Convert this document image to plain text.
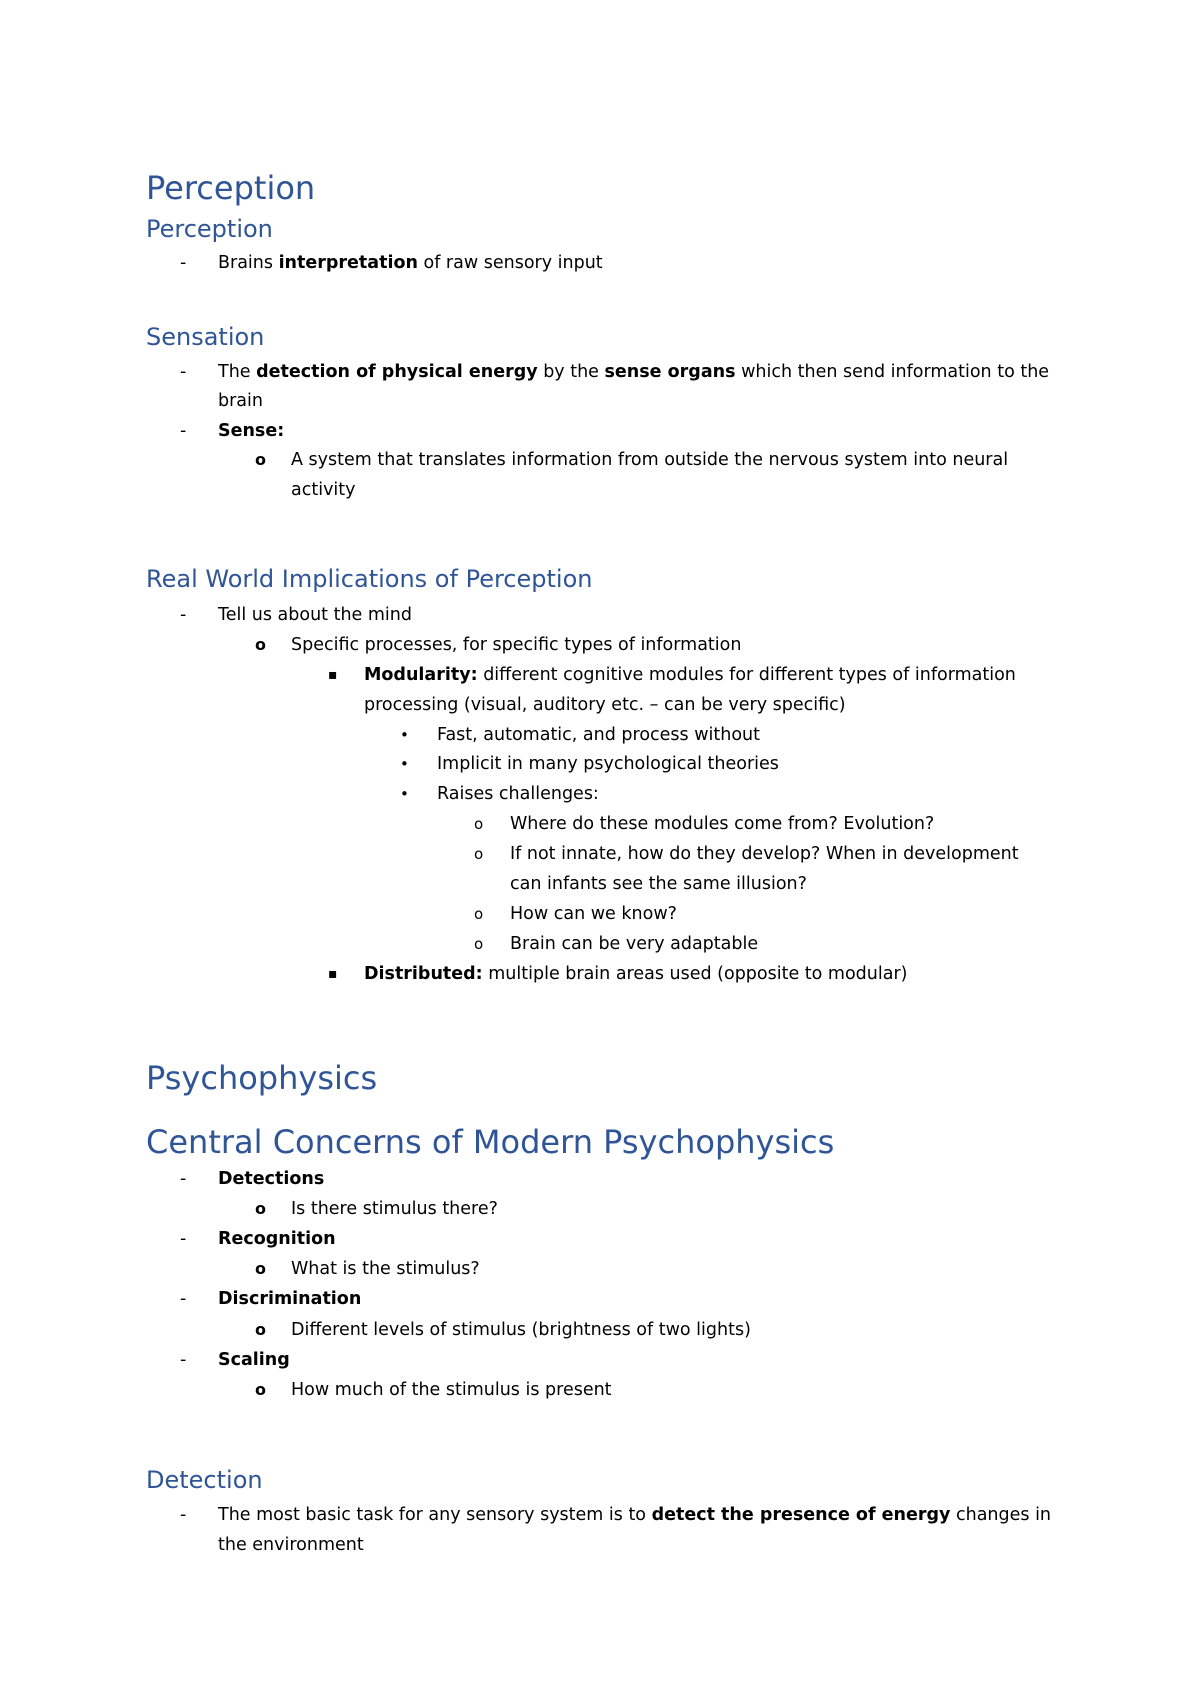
Perception
Perception
- Brains interpretation of raw sensory input
Sensation
- The detection of physical energy by the sense organs which then send information to the
brain
- Sense:
o A system that translates information from outside the nervous system into neural
activity
Real World Implications of Perception
- Tell us about the mind
o Specific processes, for specific types of information
▪ Modularity: different cognitive modules for different types of information
processing (visual, auditory etc. – can be very specific)
• Fast, automatic, and process without
• Implicit in many psychological theories
• Raises challenges:
o Where do these modules come from? Evolution?
o If not innate, how do they develop? When in development
can infants see the same illusion?
o How can we know?
o Brain can be very adaptable
▪ Distributed: multiple brain areas used (opposite to modular)
Psychophysics
Central Concerns of Modern Psychophysics
- Detections
o Is there stimulus there?
- Recognition
o What is the stimulus?
- Discrimination
o Different levels of stimulus (brightness of two lights)
- Scaling
o How much of the stimulus is present
Detection
- The most basic task for any sensory system is to detect the presence of energy changes in
the environment
